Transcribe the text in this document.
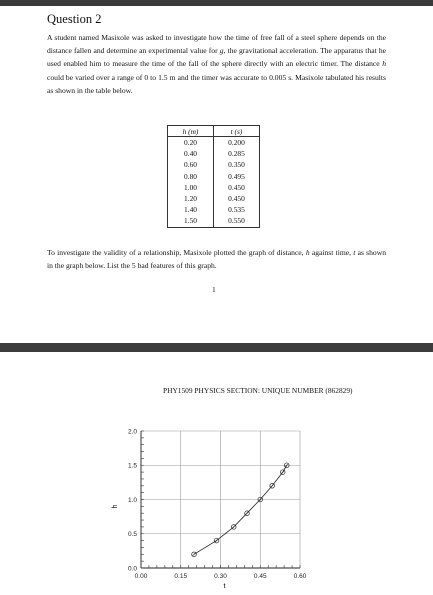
Question 2

A student named Masixole was asked to investigate how the time of free fall of a steel sphere depends on the distance fallen and determine an experimental value for g, the gravitational acceleration. The apparatus that he used enabled him to measure the time of the fall of the sphere directly with an electric timer. The distance h could be varied over a range of 0 to 1.5 m and the timer was accurate to 0.005 s. Masixole tabulated his results as shown in the table below.

h (m)	t (s)
0.20	0.200
0.40	0.285
0.60	0.350
0.80	0.495
1.00	0.450
1.20	0.450
1.40	0.535
1.50	0.550

To investigate the validity of a relationship, Masixole plotted the graph of distance, h against time, t as shown in the graph below. List the 5 bad features of this graph.

1
PHY1509 PHYSICS SECTION: UNIQUE NUMBER (862829)
0.00	0.15	0.30	0.45	0.60
0.0
0.5
1.0
1.5
2.0
t
h
